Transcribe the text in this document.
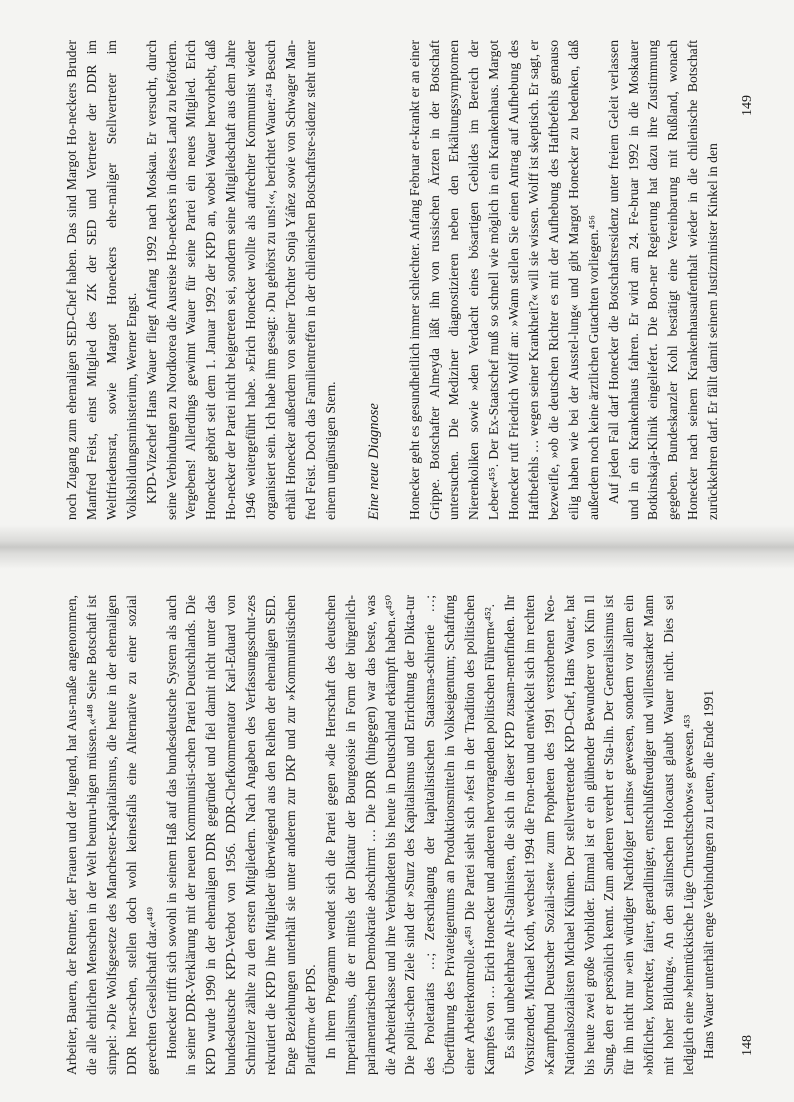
noch Zugang zum ehemaligen SED-Chef haben. Das sind Margot Ho-neckers Bruder Manfred Feist, einst Mitglied des ZK der SED und Vertreter der DDR im Weltfriedensrat, sowie Margot Honeckers ehe-maliger Stellvertreter im Volksbildungsministerium, Werner Engst. KPD-Vizechef Hans Wauer fliegt Anfang 1992 nach Moskau. Er versucht, durch seine Verbindungen zu Nordkorea die Ausreise Ho-neckers in dieses Land zu befördern. Vergebens! Allerdings gewinnt Wauer für seine Partei ein neues Mitglied. Erich Honecker gehört seit dem 1. Januar 1992 der KPD an, wobei Wauer hervorhebt, daß Ho-necker der Partei nicht beigetreten sei, sondern seine Mitgliedschaft aus dem Jahre 1946 weitergeführt habe. »Erich Honecker wollte als aufrechter Kommunist wieder organisiert sein. Ich habe ihm gesagt: ›Du gehörst zu uns!‹«, berichtet Wauer.⁴⁵⁴ Besuch erhält Honecker außerdem von seiner Tochter Sonja Yáñez sowie von Schwager Man-fred Feist. Doch das Familientreffen in der chilenischen Botschaftsre-sidenz steht unter einem ungünstigen Stern. Eine neue Diagnose Honecker geht es gesundheitlich immer schlechter. Anfang Februar er-krankt er an einer Grippe. Botschafter Almeyda läßt ihn von russischen Ärzten in der Botschaft untersuchen. Die Mediziner diagnostizieren neben den Erkältungssymptomen Nierenkoliken sowie »den Verdacht eines bösartigen Gebildes im Bereich der Leber«⁴⁵⁵. Der Ex-Staatschef muß so schnell wie möglich in ein Krankenhaus. Margot Honecker ruft Friedrich Wolff an: »Wann stellen Sie einen Antrag auf Aufhebung des Haftbefehls … wegen seiner Krankheit?« will sie wissen. Wolff ist skeptisch. Er sagt, er bezweifle, »ob die deutschen Richter es mit der Aufhebung des Haftbefehls genauso eilig haben wie bei der Ausstel-lung« und gibt Margot Honecker zu bedenken, daß außerdem noch keine ärztlichen Gutachten vorliegen.⁴⁵⁶ Auf jeden Fall darf Honecker die Botschaftsresidenz unter freiem Geleit verlassen und in ein Krankenhaus fahren. Er wird am 24. Fe-bruar 1992 in die Moskauer Botkinskaja-Klinik eingeliefert. Die Bon-ner Regierung hat dazu ihre Zustimmung gegeben. Bundeskanzler Kohl bestätigt eine Vereinbarung mit Rußland, wonach Honecker nach seinem Krankenhausaufenthalt wieder in die chilenische Botschaft zurückkehren darf. Er fällt damit seinem Justizminister Kinkel in den

Arbeiter, Bauern, der Rentner, der Frauen und der Jugend, hat Aus-maße angenommen, die alle ehrlichen Menschen in der Welt beunru-higen müssen.«⁴⁴⁸ Seine Botschaft ist simpel: »Die Wolfsgesetze des Manchester-Kapitalismus, die heute in der ehemaligen DDR herr-schen, stellen doch wohl keinesfalls eine Alternative zu einer sozial gerechten Gesellschaft dar.«⁴⁴⁹ Honecker trifft sich sowohl in seinem Haß auf das bundesdeutsche System als auch in seiner DDR-Verklärung mit der neuen Kommunisti-schen Partei Deutschlands. Die KPD wurde 1990 in der ehemaligen DDR gegründet und fiel damit nicht unter das bundesdeutsche KPD-Verbot von 1956. DDR-Chefkommentator Karl-Eduard von Schnitzler zählte zu den ersten Mitgliedern. Nach Angaben des Verfassungsschut-zes rekrutiert die KPD ihre Mitglieder überwiegend aus den Reihen der ehemaligen SED. Enge Beziehungen unterhält sie unter anderem zur DKP und zur »Kommunistischen Plattform« der PDS. In ihrem Programm wendet sich die Partei gegen »die Herrschaft des deutschen Imperialismus, die er mittels der Diktatur der Bourgeoisie in Form der bürgerlich-parlamentarischen Demokratie abschirmt … Die DDR (hingegen) war das beste, was die Arbeiterklasse und ihre Verbündeten bis heute in Deutschland erkämpft haben.«⁴⁵⁰ Die politi-schen Ziele sind der »Sturz des Kapitalismus und Errichtung der Dikta-tur des Proletariats …; Zerschlagung der kapitalistischen Staatsma-schinerie …; Überführung des Privateigentums an Produktionsmitteln in Volkseigentum; Schaffung einer Arbeiterkontrolle.«⁴⁵¹ Die Partei sieht sich »fest in der Tradition des politischen Kampfes von … Erich Honecker und anderen hervorragenden politischen Führern«⁴⁵². Es sind unbelehrbare Alt-Stalinisten, die sich in dieser KPD zusam-menfinden. Ihr Vorsitzender, Michael Koth, wechselt 1994 die Fron-ten und entwickelt sich im rechten »Kampfbund Deutscher Soziali-sten« zum Propheten des 1991 verstorbenen Neo-Nationalsozialisten Michael Kühnen. Der stellvertretende KPD-Chef, Hans Wauer, hat bis heute zwei große Vorbilder. Einmal ist er ein glühender Bewunderer von Kim Il Sung, den er persönlich kennt. Zum anderen verehrt er Sta-lin. Der Generalissimus ist für ihn nicht nur »ein würdiger Nachfolger Lenins« gewesen, sondern vor allem ein »höflicher, korrekter, fairer, geradliniger, entschlußfreudiger und willensstarker Mann mit hoher Bildung«. An den stalinschen Holocaust glaubt Wauer nicht. Dies sei lediglich eine »heimtückische Lüge Chruschtschows« gewesen.⁴⁵³ Hans Wauer unterhält enge Verbindungen zu Leuten, die Ende 1991

149
148
